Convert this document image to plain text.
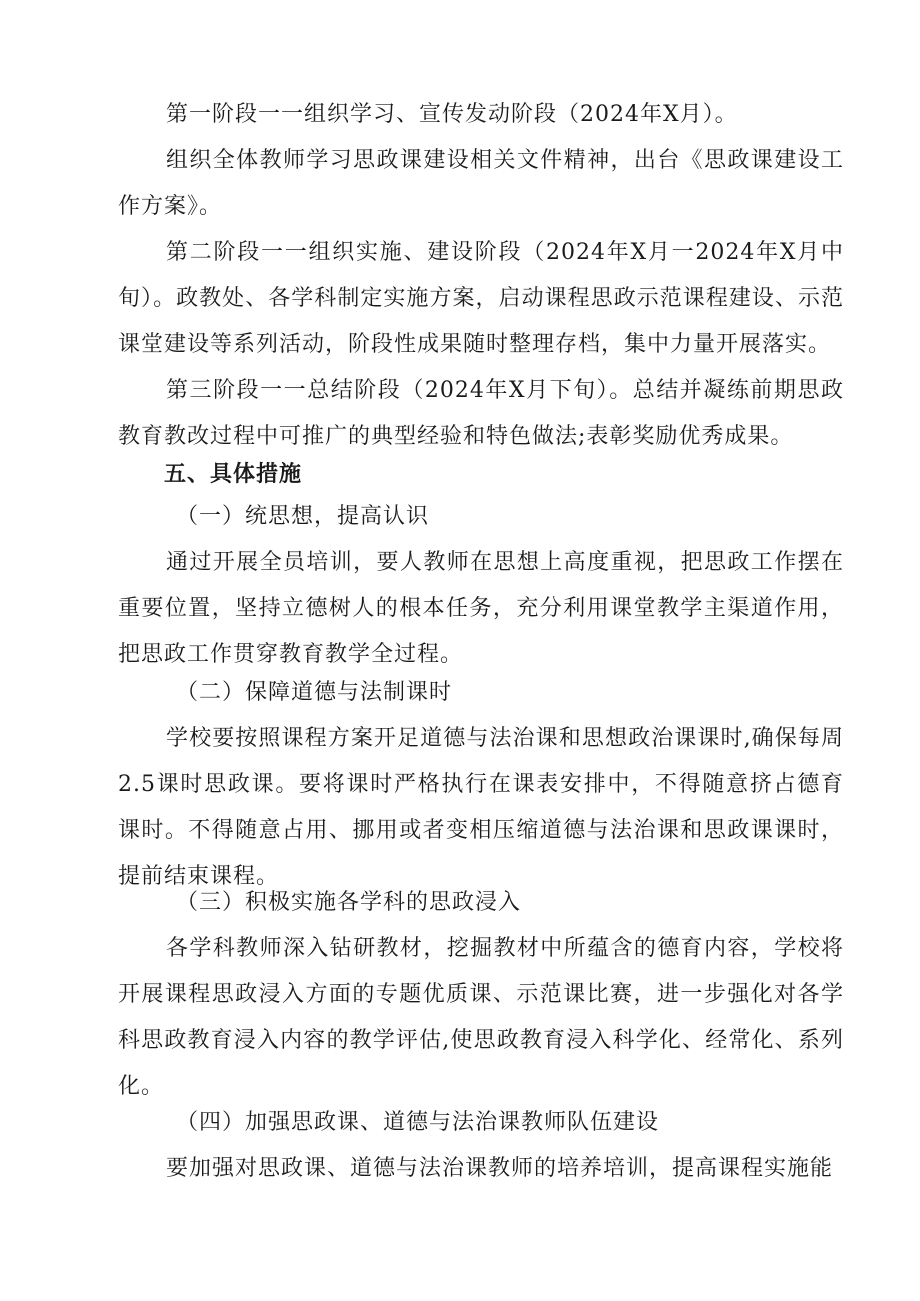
第一阶段一一组织学习、宣传发动阶段（2024年X月）。

组织全体教师学习思政课建设相关文件精神，出台《思政课建设工作方案》。

第二阶段一一组织实施、建设阶段（2024年X月一2024年X月中旬）。政教处、各学科制定实施方案，启动课程思政示范课程建设、示范课堂建设等系列活动，阶段性成果随时整理存档，集中力量开展落实。

第三阶段一一总结阶段（2024年X月下旬）。总结并凝练前期思政教育教改过程中可推广的典型经验和特色做法;表彰奖励优秀成果。

五、具体措施

（一）统思想，提高认识

通过开展全员培训，要人教师在思想上高度重视，把思政工作摆在重要位置，坚持立德树人的根本任务，充分利用课堂教学主渠道作用，把思政工作贯穿教育教学全过程。

（二）保障道德与法制课时

学校要按照课程方案开足道德与法治课和思想政治课课时,确保每周2.5课时思政课。要将课时严格执行在课表安排中，不得随意挤占德育课时。不得随意占用、挪用或者变相压缩道德与法治课和思政课课时，提前结束课程。

（三）积极实施各学科的思政浸入

各学科教师深入钻研教材，挖掘教材中所蕴含的德育内容，学校将开展课程思政浸入方面的专题优质课、示范课比赛，进一步强化对各学科思政教育浸入内容的教学评估,使思政教育浸入科学化、经常化、系列化。

（四）加强思政课、道德与法治课教师队伍建设

要加强对思政课、道德与法治课教师的培养培训，提高课程实施能
